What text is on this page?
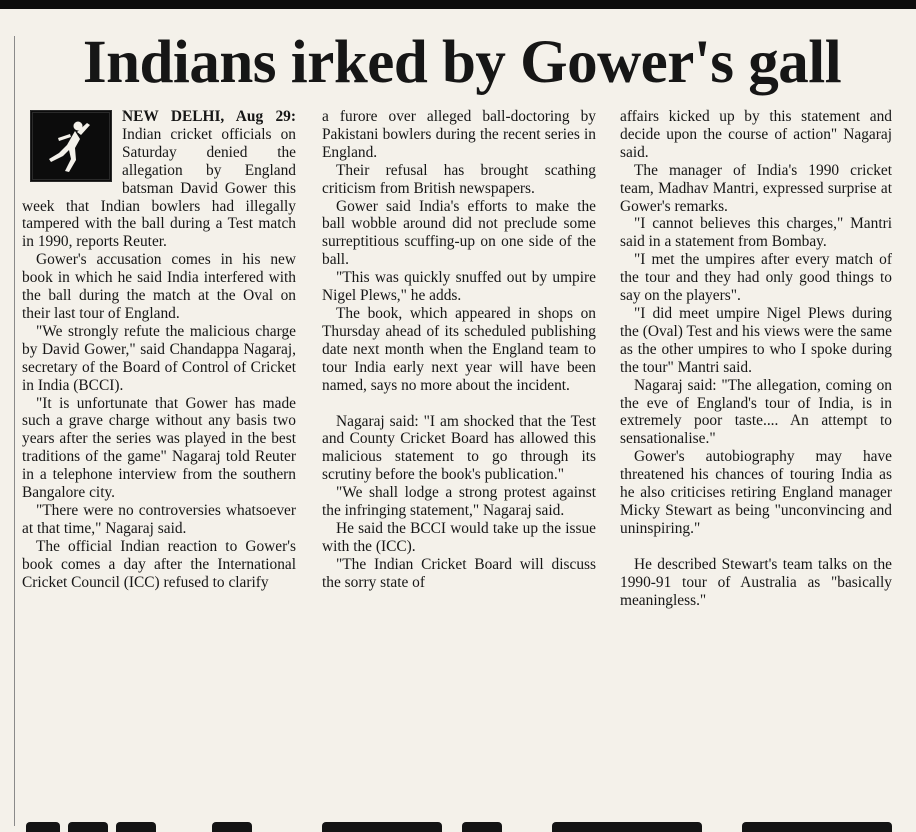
Indians irked by Gower's gall

NEW DELHI, Aug 29: Indian cricket officials on Saturday denied the allegation by England batsman David Gower this week that Indian bowlers had illegally tampered with the ball during a Test match in 1990, reports Reuter.

Gower's accusation comes in his new book in which he said India interfered with the ball during the match at the Oval on their last tour of England.

"We strongly refute the malicious charge by David Gower," said Chandappa Nagaraj, secretary of the Board of Control of Cricket in India (BCCI).

"It is unfortunate that Gower has made such a grave charge without any basis two years after the series was played in the best traditions of the game" Nagaraj told Reuter in a telephone interview from the southern Bangalore city.

"There were no controversies whatsoever at that time," Nagaraj said.

The official Indian reaction to Gower's book comes a day after the International Cricket Council (ICC) refused to clarify

a furore over alleged ball-doctoring by Pakistani bowlers during the recent series in England.

Their refusal has brought scathing criticism from British newspapers.

Gower said India's efforts to make the ball wobble around did not preclude some surreptitious scuffing-up on one side of the ball.

"This was quickly snuffed out by umpire Nigel Plews," he adds.

The book, which appeared in shops on Thursday ahead of its scheduled publishing date next month when the England team to tour India early next year will have been named, says no more about the incident.

Nagaraj said: "I am shocked that the Test and County Cricket Board has allowed this malicious statement to go through its scrutiny before the book's publication."

"We shall lodge a strong protest against the infringing statement," Nagaraj said.

He said the BCCI would take up the issue with the (ICC).

"The Indian Cricket Board will discuss the sorry state of

affairs kicked up by this statement and decide upon the course of action" Nagaraj said.

The manager of India's 1990 cricket team, Madhav Mantri, expressed surprise at Gower's remarks.

"I cannot believes this charges," Mantri said in a statement from Bombay.

"I met the umpires after every match of the tour and they had only good things to say on the players".

"I did meet umpire Nigel Plews during the (Oval) Test and his views were the same as the other umpires to who I spoke during the tour" Mantri said.

Nagaraj said: "The allegation, coming on the eve of England's tour of India, is in extremely poor taste.... An attempt to sensationalise."

Gower's autobiography may have threatened his chances of touring India as he also criticises retiring England manager Micky Stewart as being "unconvincing and uninspiring."

He described Stewart's team talks on the 1990-91 tour of Australia as "basically meaningless."
